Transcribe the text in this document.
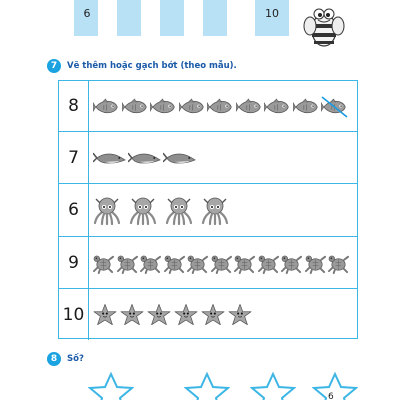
6	10
7	Vẽ thêm hoặc gạch bớt (theo mẫu).
8
7
6
9
10
8	Số?
6
